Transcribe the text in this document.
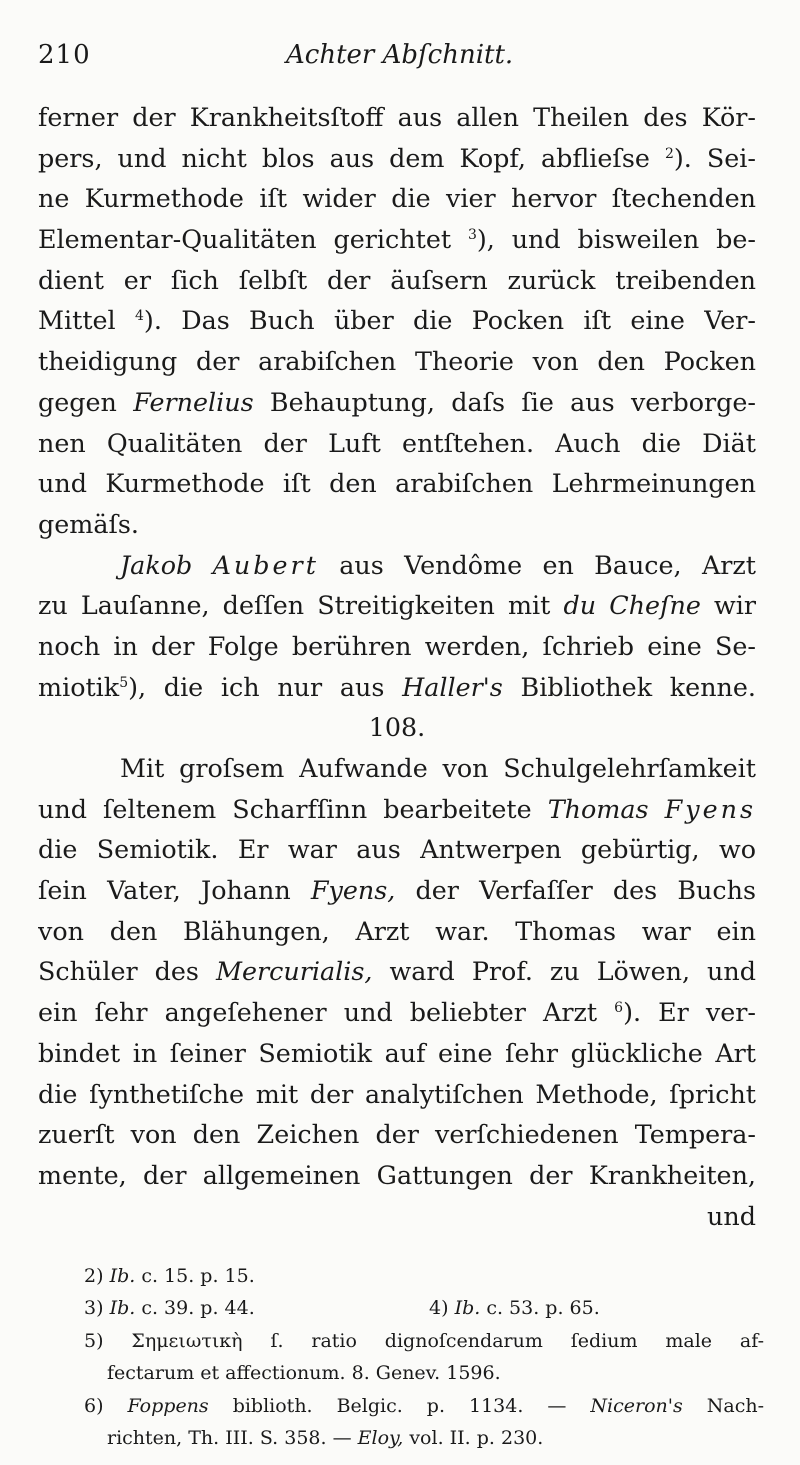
210	Achter Abſchnitt.
ferner der Krankheitsſtoff aus allen Theilen des Kör-
pers, und nicht blos aus dem Kopf, abflieſse $^2$). Sei-
ne Kurmethode iſt wider die vier hervor ſtechenden
Elementar-Qualitäten gerichtet $^3$), und bisweilen be-
dient er ſich ſelbſt der äuſsern zurück treibenden
Mittel $^4$). Das Buch über die Pocken iſt eine Ver-
theidigung der arabiſchen Theorie von den Pocken
gegen Fernelius Behauptung, daſs ſie aus verborge-
nen Qualitäten der Luft entſtehen. Auch die Diät
und Kurmethode iſt den arabiſchen Lehrmeinungen
gemäſs.
Jakob Aubert aus Vendôme en Bauce, Arzt
zu Lauſanne, deſſen Streitigkeiten mit du Cheſne wir
noch in der Folge berühren werden, ſchrieb eine Se-
miotik$^5$), die ich nur aus Haller's Bibliothek kenne.
108.
Mit groſsem Aufwande von Schulgelehrſamkeit
und ſeltenem Scharfſinn bearbeitete Thomas Fyens
die Semiotik. Er war aus Antwerpen gebürtig, wo
ſein Vater, Johann Fyens, der Verfaſſer des Buchs
von den Blähungen, Arzt war. Thomas war ein
Schüler des Mercurialis, ward Prof. zu Löwen, und
ein ſehr angeſehener und beliebter Arzt $^6$). Er ver-
bindet in ſeiner Semiotik auf eine ſehr glückliche Art
die ſynthetiſche mit der analytiſchen Methode, ſpricht
zuerſt von den Zeichen der verſchiedenen Tempera-
mente, der allgemeinen Gattungen der Krankheiten,
und
2) Ib. c. 15. p. 15.
3) Ib. c. 39. p. 44.	4) Ib. c. 53. p. 65.
5) Σημειωτικὴ ſ. ratio dignoſcendarum ſedium male af-
fectarum et affectionum. 8. Genev. 1596.
6) Foppens biblioth. Belgic. p. 1134. — Niceron's Nach-
richten, Th. III. S. 358. — Eloy, vol. II. p. 230.
